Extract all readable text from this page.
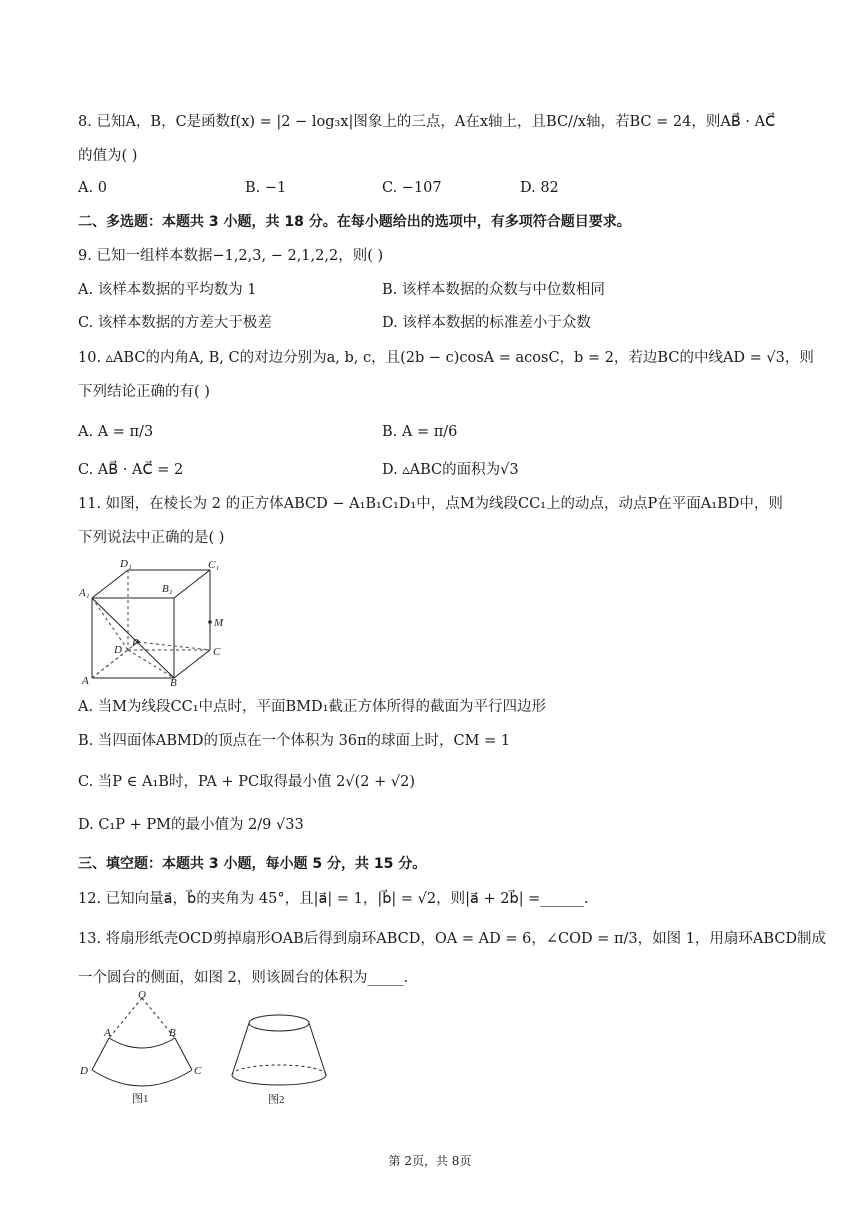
8. 已知A，B，C是函数f(x) = |2 − log₃x|图象上的三点，A在x轴上，且BC//x轴，若BC = 24，则AB⃗ · AC⃗
的值为( )
A. 0	B. −1	C. −107	D. 82
二、多选题：本题共 3 小题，共 18 分。在每小题给出的选项中，有多项符合题目要求。
9. 已知一组样本数据−1,2,3, − 2,1,2,2，则( )
A. 该样本数据的平均数为 1	B. 该样本数据的众数与中位数相同
C. 该样本数据的方差大于极差	D. 该样本数据的标准差小于众数
10. ▵ABC的内角A, B, C的对边分别为a, b, c，且(2b − c)cosA = acosC，b = 2，若边BC的中线AD = √3，则
下列结论正确的有( )
A. A = π/3	B. A = π/6
C. AB⃗ · AC⃗ = 2	D. ▵ABC的面积为√3
11. 如图，在棱长为 2 的正方体ABCD − A₁B₁C₁D₁中，点M为线段CC₁上的动点，动点P在平面A₁BD中，则
下列说法中正确的是( )
D₁	C₁
A₁	B₁
M
D
P
C
A	B
A. 当M为线段CC₁中点时，平面BMD₁截正方体所得的截面为平行四边形
B. 当四面体ABMD的顶点在一个体积为 36π的球面上时，CM = 1
C. 当P ∈ A₁B时，PA + PC取得最小值 2√(2 + √2)
D. C₁P + PM的最小值为 2/9 √33
三、填空题：本题共 3 小题，每小题 5 分，共 15 分。
12. 已知向量a⃗，b⃗的夹角为 45°，且|a⃗| = 1，|b⃗| = √2，则|a⃗ + 2b⃗| =______.
13. 将扇形纸壳OCD剪掉扇形OAB后得到扇环ABCD，OA = AD = 6，∠COD = π/3，如图 1，用扇环ABCD制成
一个圆台的侧面，如图 2，则该圆台的体积为_____.
O
A	B
D	C
图1	图2
第 2页，共 8页
